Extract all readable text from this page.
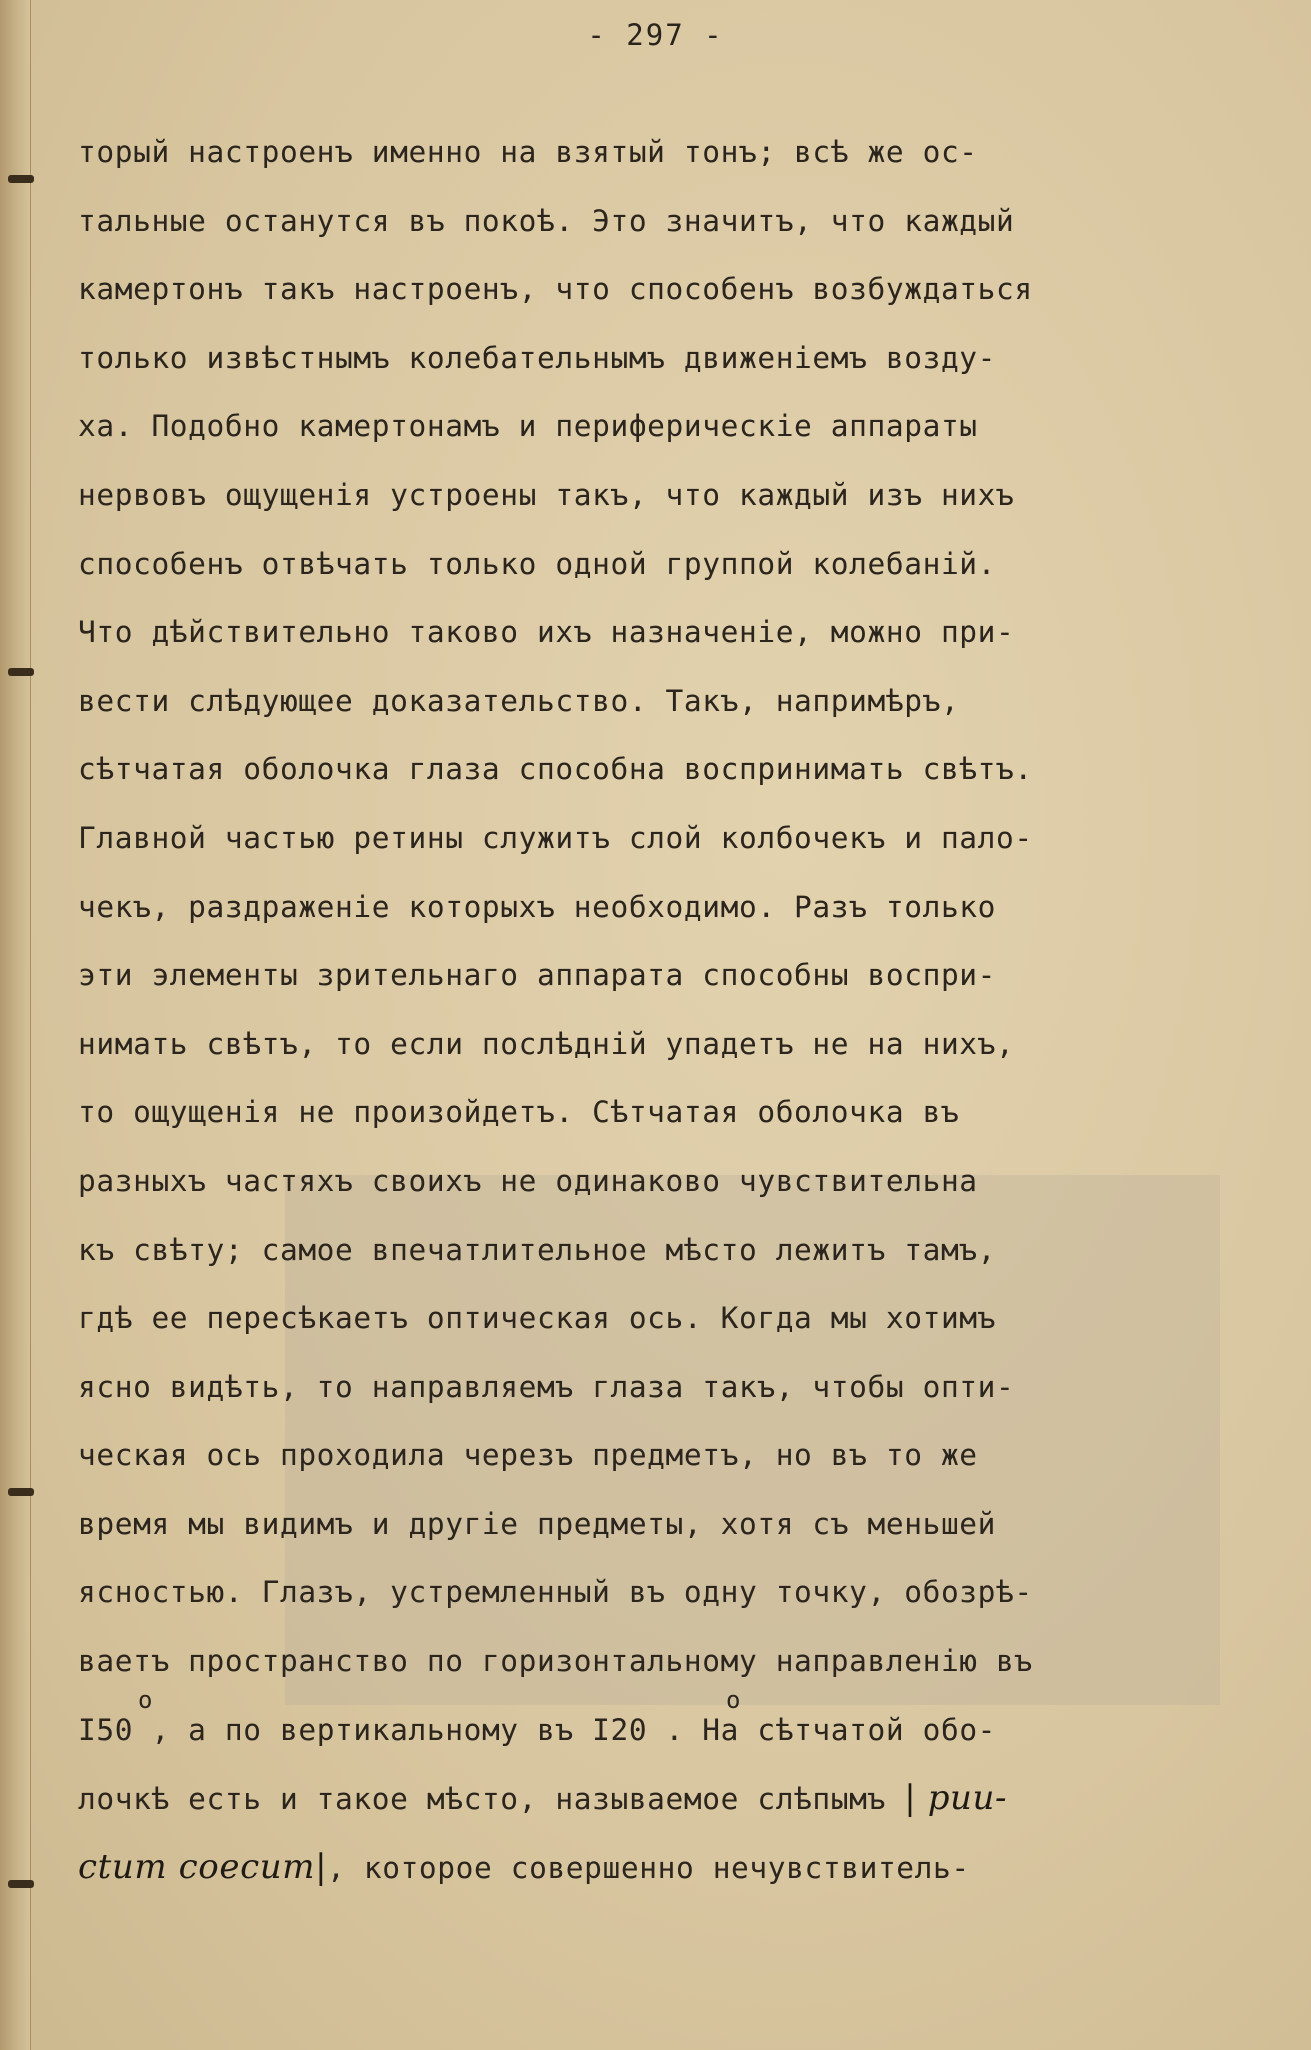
- 297 -
торый настроенъ именно на взятый тонъ; всѣ же ос-
тальные останутся въ покоѣ. Это значитъ, что каждый
камертонъ такъ настроенъ, что способенъ возбуждаться
только извѣстнымъ колебательнымъ движенiемъ возду-
ха. Подобно камертонамъ и периферическiе аппараты
нервовъ ощущенiя устроены такъ, что каждый изъ нихъ
способенъ отвѣчать только одной группой колебанiй.
Что дѣйствительно таково ихъ назначенiе, можно при-
вести слѣдующее доказательство. Такъ, напримѣръ,
сѣтчатая оболочка глаза способна воспринимать свѣтъ.
Главной частью ретины служитъ слой колбочекъ и пало-
чекъ, раздраженiе которыхъ необходимо. Разъ только
эти элементы зрительнаго аппарата способны воспри-
нимать свѣтъ, то если послѣднiй упадетъ не на нихъ,
то ощущенiя не произойдетъ. Сѣтчатая оболочка въ
разныхъ частяхъ своихъ не одинаково чувствительна
къ свѣту; самое впечатлительное мѣсто лежитъ тамъ,
гдѣ ее пересѣкаетъ оптическая ось. Когда мы хотимъ
ясно видѣть, то направляемъ глаза такъ, чтобы опти-
ческая ось проходила черезъ предметъ, но въ то же
время мы видимъ и другiе предметы, хотя съ меньшей
ясностью. Глазъ, устремленный въ одну точку, обозрѣ-
ваетъ пространство по горизонтальному направленiю въ
I50
o
, а по вертикальному въ I20
o
. На сѣтчатой обо-
лочкѣ есть и такое мѣсто, называемое слѣпымъ | puu-
ctum coecum|, которое совершенно нечувствитель-
